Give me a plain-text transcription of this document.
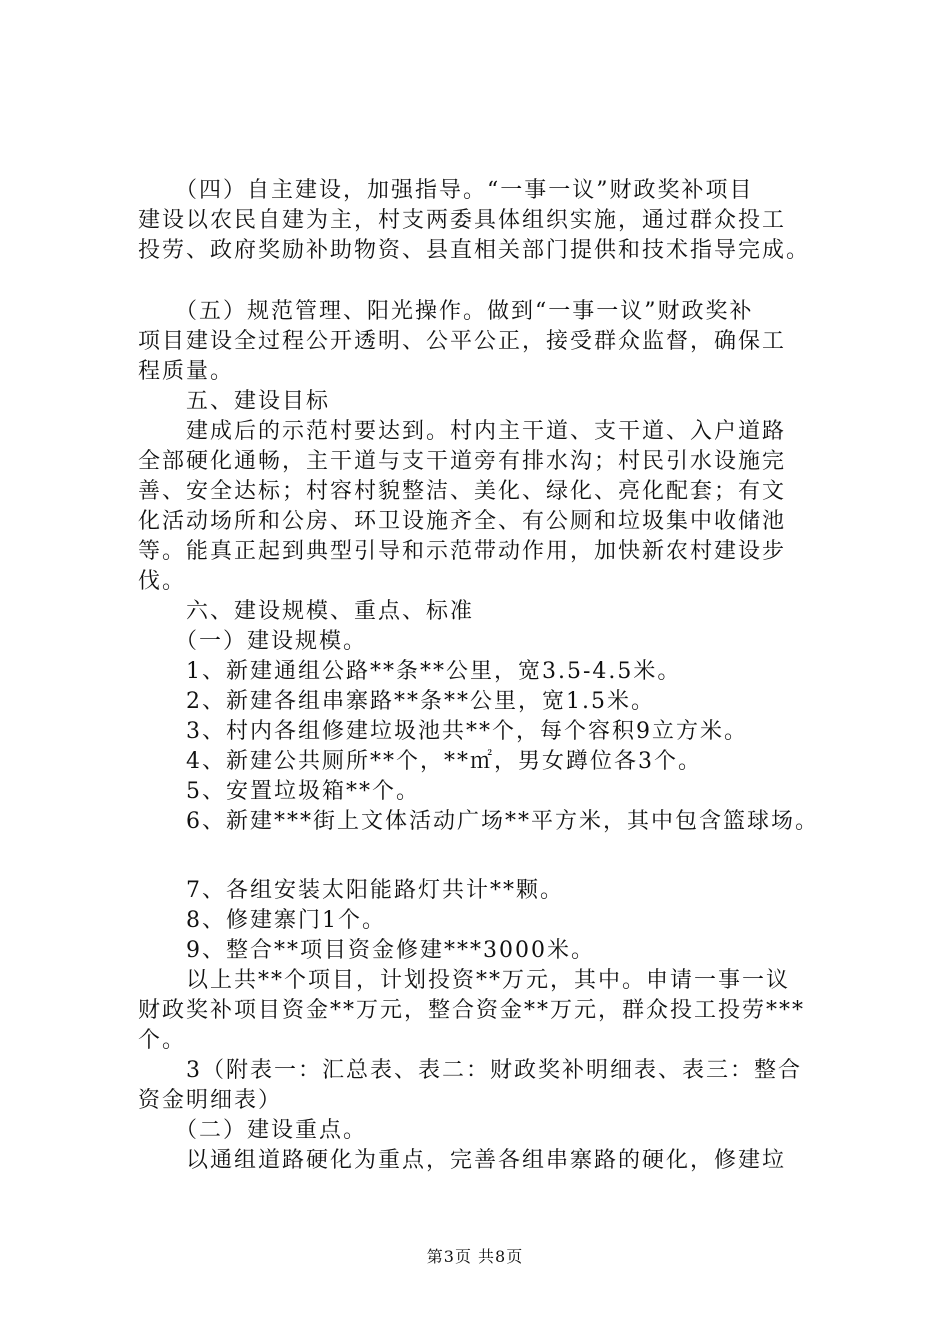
　　（四）自主建设，加强指导。“一事一议”财政奖补项目
建设以农民自建为主，村支两委具体组织实施，通过群众投工
投劳、政府奖励补助物资、县直相关部门提供和技术指导完成。
　　（五）规范管理、阳光操作。做到“一事一议”财政奖补
项目建设全过程公开透明、公平公正，接受群众监督，确保工
程质量。
　　五、建设目标
　　建成后的示范村要达到。村内主干道、支干道、入户道路
全部硬化通畅，主干道与支干道旁有排水沟；村民引水设施完
善、安全达标；村容村貌整洁、美化、绿化、亮化配套；有文
化活动场所和公房、环卫设施齐全、有公厕和垃圾集中收储池
等。能真正起到典型引导和示范带动作用，加快新农村建设步
伐。
　　六、建设规模、重点、标准
　　（一）建设规模。
　　1、新建通组公路**条**公里，宽3.5-4.5米。
　　2、新建各组串寨路**条**公里，宽1.5米。
　　3、村内各组修建垃圾池共**个，每个容积9立方米。
　　4、新建公共厕所**个，**㎡，男女蹲位各3个。
　　5、安置垃圾箱**个。
　　6、新建***街上文体活动广场**平方米，其中包含篮球场。
　　7、各组安装太阳能路灯共计**颗。
　　8、修建寨门1个。
　　9、整合**项目资金修建***3000米。
　　以上共**个项目，计划投资**万元，其中。申请一事一议
财政奖补项目资金**万元，整合资金**万元，群众投工投劳***
个。
　　3（附表一：汇总表、表二：财政奖补明细表、表三：整合
资金明细表）
　　（二）建设重点。
　　以通组道路硬化为重点，完善各组串寨路的硬化，修建垃
第3页 共8页
